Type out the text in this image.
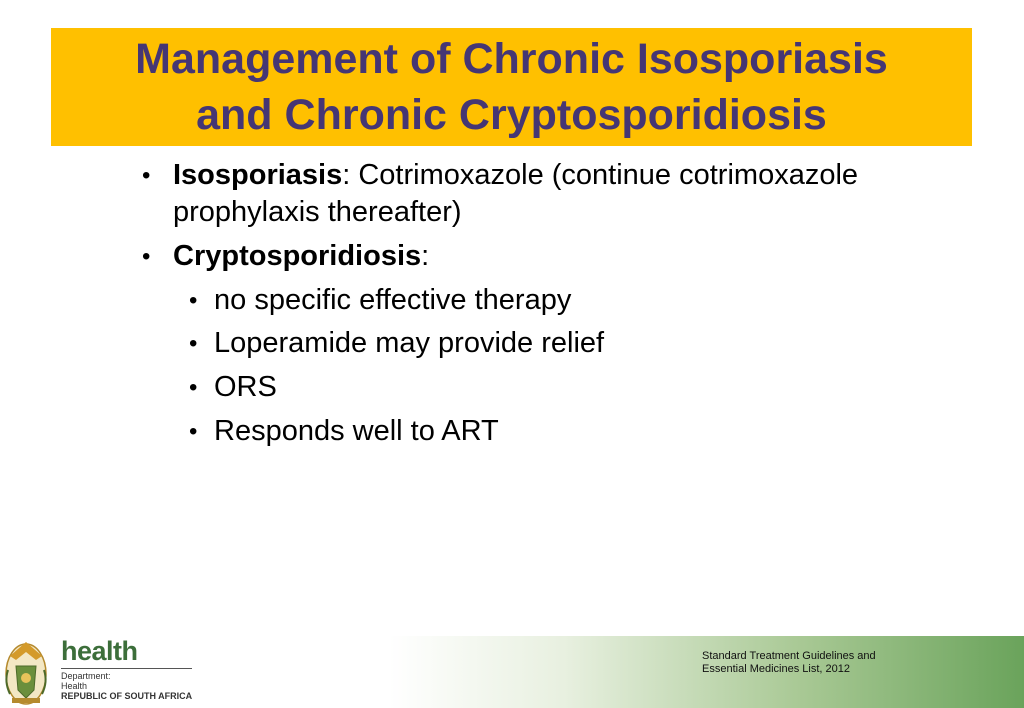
Management of Chronic Isosporiasis
and Chronic Cryptosporidiosis
• Isosporiasis: Cotrimoxazole (continue cotrimoxazole
prophylaxis thereafter)
• Cryptosporidiosis:
• no specific effective therapy
• Loperamide may provide relief
• ORS
• Responds well to ART
Standard Treatment Guidelines and
Essential Medicines List, 2012
health
Department:
Health
REPUBLIC OF SOUTH AFRICA
